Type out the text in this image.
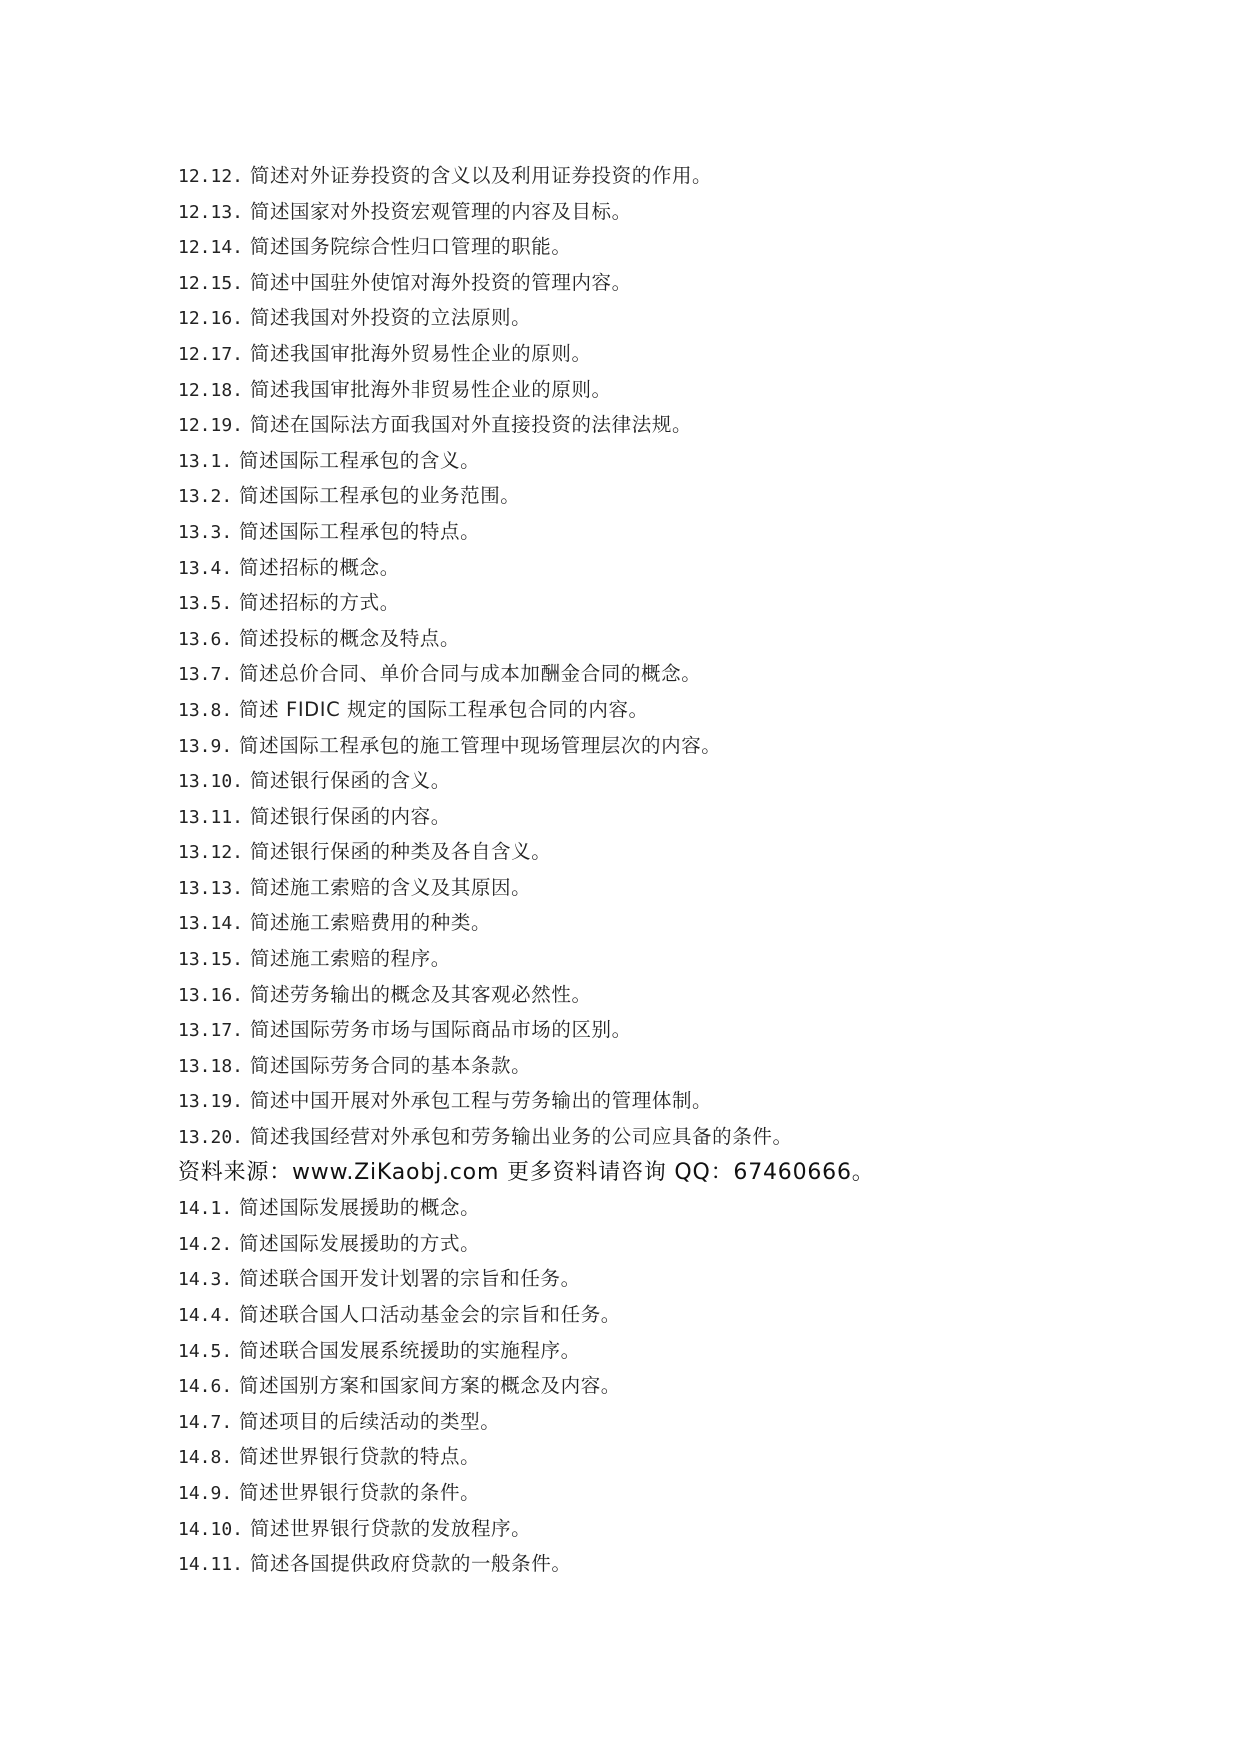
12.12. 简述对外证券投资的含义以及利用证券投资的作用。
12.13. 简述国家对外投资宏观管理的内容及目标。
12.14. 简述国务院综合性归口管理的职能。
12.15. 简述中国驻外使馆对海外投资的管理内容。
12.16. 简述我国对外投资的立法原则。
12.17. 简述我国审批海外贸易性企业的原则。
12.18. 简述我国审批海外非贸易性企业的原则。
12.19. 简述在国际法方面我国对外直接投资的法律法规。
13.1. 简述国际工程承包的含义。
13.2. 简述国际工程承包的业务范围。
13.3. 简述国际工程承包的特点。
13.4. 简述招标的概念。
13.5. 简述招标的方式。
13.6. 简述投标的概念及特点。
13.7. 简述总价合同、单价合同与成本加酬金合同的概念。
13.8. 简述 FIDIC 规定的国际工程承包合同的内容。
13.9. 简述国际工程承包的施工管理中现场管理层次的内容。
13.10. 简述银行保函的含义。
13.11. 简述银行保函的内容。
13.12. 简述银行保函的种类及各自含义。
13.13. 简述施工索赔的含义及其原因。
13.14. 简述施工索赔费用的种类。
13.15. 简述施工索赔的程序。
13.16. 简述劳务输出的概念及其客观必然性。
13.17. 简述国际劳务市场与国际商品市场的区别。
13.18. 简述国际劳务合同的基本条款。
13.19. 简述中国开展对外承包工程与劳务输出的管理体制。
13.20. 简述我国经营对外承包和劳务输出业务的公司应具备的条件。
资料来源：www.ZiKaobj.com 更多资料请咨询 QQ：67460666。
14.1. 简述国际发展援助的概念。
14.2. 简述国际发展援助的方式。
14.3. 简述联合国开发计划署的宗旨和任务。
14.4. 简述联合国人口活动基金会的宗旨和任务。
14.5. 简述联合国发展系统援助的实施程序。
14.6. 简述国别方案和国家间方案的概念及内容。
14.7. 简述项目的后续活动的类型。
14.8. 简述世界银行贷款的特点。
14.9. 简述世界银行贷款的条件。
14.10. 简述世界银行贷款的发放程序。
14.11. 简述各国提供政府贷款的一般条件。
